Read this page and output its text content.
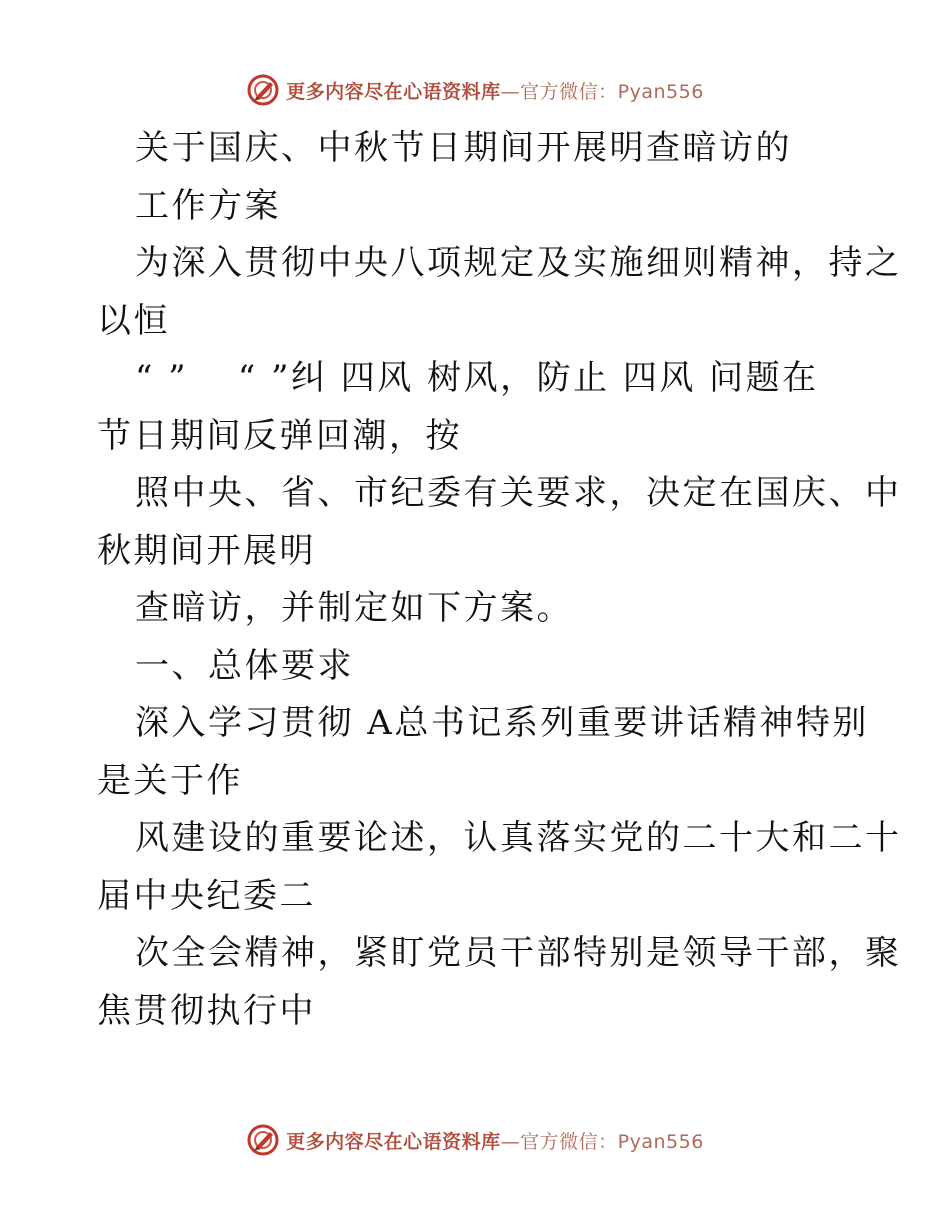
更多内容尽在心语资料库—官方微信：Pyan556
关于国庆、中秋节日期间开展明查暗访的
工作方案
为深入贯彻中央八项规定及实施细则精神，持之
以恒
“ ”　 “ ”纠 四风 树风，防止 四风 问题在
节日期间反弹回潮，按
照中央、省、市纪委有关要求，决定在国庆、中
秋期间开展明
查暗访，并制定如下方案。
一、总体要求
深入学习贯彻 A总书记系列重要讲话精神特别
是关于作
风建设的重要论述，认真落实党的二十大和二十
届中央纪委二
次全会精神，紧盯党员干部特别是领导干部，聚
焦贯彻执行中
更多内容尽在心语资料库—官方微信：Pyan556
